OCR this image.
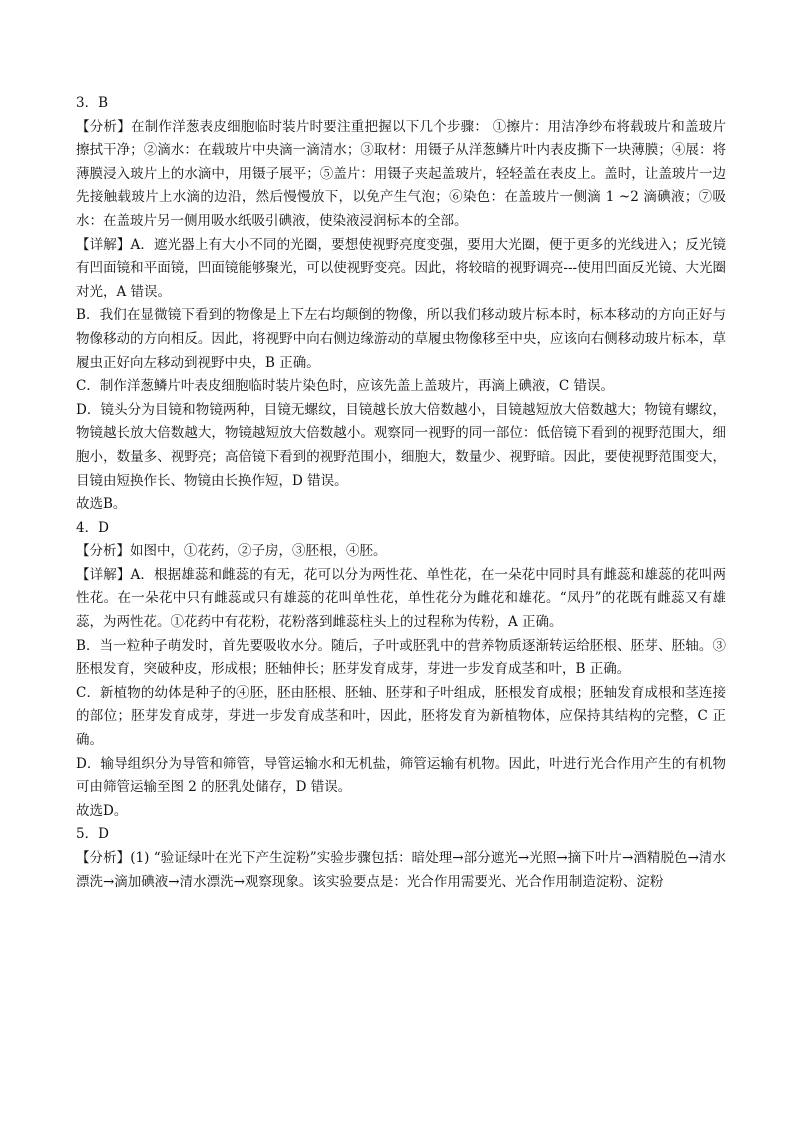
3．B

【分析】在制作洋葱表皮细胞临时装片时要注重把握以下几个步骤： ①擦片：用洁净纱布将载玻片和盖玻片擦拭干净；②滴水：在载玻片中央滴一滴清水；③取材：用镊子从洋葱鳞片叶内表皮撕下一块薄膜；④展：将薄膜浸入玻片上的水滴中，用镊子展平；⑤盖片：用镊子夹起盖玻片，轻轻盖在表皮上。盖时，让盖玻片一边先接触载玻片上水滴的边沿，然后慢慢放下，以免产生气泡；⑥染色：在盖玻片一侧滴 1 ~2 滴碘液；⑦吸水：在盖玻片另一侧用吸水纸吸引碘液，使染液浸润标本的全部。

【详解】A．遮光器上有大小不同的光圈，要想使视野亮度变强，要用大光圈，便于更多的光线进入；反光镜有凹面镜和平面镜，凹面镜能够聚光，可以使视野变亮。因此，将较暗的视野调亮---使用凹面反光镜、大光圈对光，A 错误。

B．我们在显微镜下看到的物像是上下左右均颠倒的物像，所以我们移动玻片标本时，标本移动的方向正好与物像移动的方向相反。因此，将视野中向右侧边缘游动的草履虫物像移至中央，应该向右侧移动玻片标本，草履虫正好向左移动到视野中央，B 正确。

C．制作洋葱鳞片叶表皮细胞临时装片染色时，应该先盖上盖玻片，再滴上碘液，C 错误。

D．镜头分为目镜和物镜两种，目镜无螺纹，目镜越长放大倍数越小，目镜越短放大倍数越大；物镜有螺纹，物镜越长放大倍数越大，物镜越短放大倍数越小。观察同一视野的同一部位：低倍镜下看到的视野范围大，细胞小，数量多、视野亮；高倍镜下看到的视野范围小，细胞大，数量少、视野暗。因此，要使视野范围变大，目镜由短换作长、物镜由长换作短，D 错误。

故选B。

4．D

【分析】如图中，①花药，②子房，③胚根，④胚。

【详解】A．根据雄蕊和雌蕊的有无，花可以分为两性花、单性花，在一朵花中同时具有雌蕊和雄蕊的花叫两性花。在一朵花中只有雌蕊或只有雄蕊的花叫单性花，单性花分为雌花和雄花。“凤丹”的花既有雌蕊又有雄蕊，为两性花。①花药中有花粉，花粉落到雌蕊柱头上的过程称为传粉，A 正确。

B．当一粒种子萌发时，首先要吸收水分。随后，子叶或胚乳中的营养物质逐渐转运给胚根、胚芽、胚轴。③胚根发育，突破种皮，形成根；胚轴伸长；胚芽发育成芽，芽进一步发育成茎和叶，B 正确。

C．新植物的幼体是种子的④胚，胚由胚根、胚轴、胚芽和子叶组成，胚根发育成根；胚轴发育成根和茎连接的部位；胚芽发育成芽，芽进一步发育成茎和叶，因此，胚将发育为新植物体，应保持其结构的完整，C 正确。

D．输导组织分为导管和筛管，导管运输水和无机盐，筛管运输有机物。因此，叶进行光合作用产生的有机物可由筛管运输至图 2 的胚乳处储存，D 错误。

故选D。

5．D

【分析】(1) “验证绿叶在光下产生淀粉”实验步骤包括：暗处理→部分遮光→光照→摘下叶片→酒精脱色→清水漂洗→滴加碘液→清水漂洗→观察现象。该实验要点是：光合作用需要光、光合作用制造淀粉、淀粉
